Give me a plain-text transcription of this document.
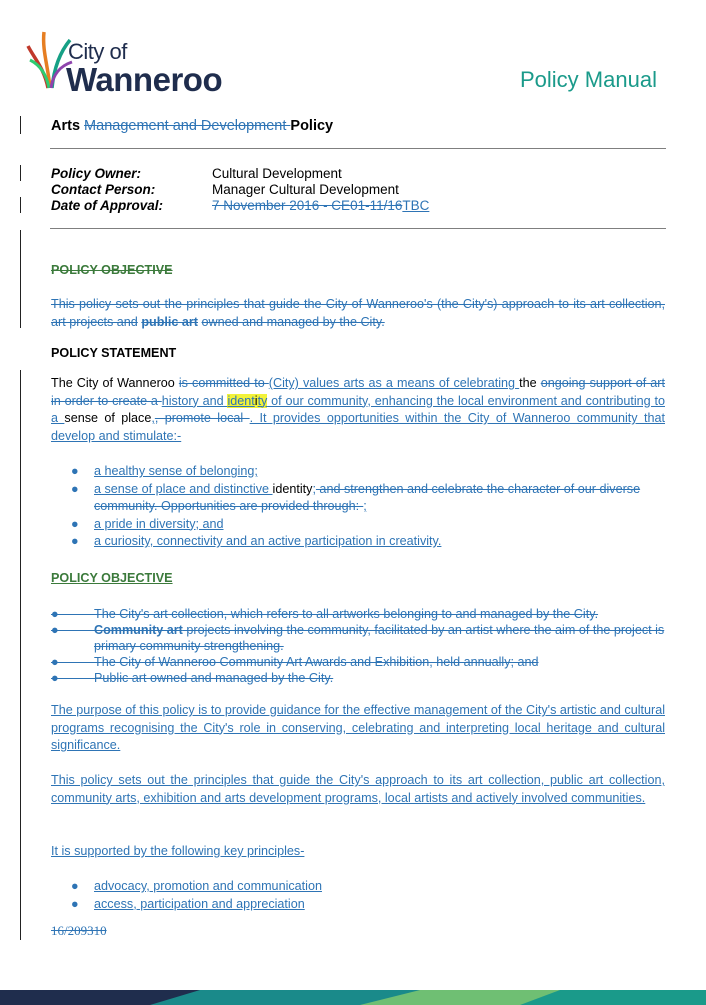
City of
Wanneroo	Policy Manual
Arts Management and Development Policy
Policy Owner:	Cultural Development
Contact Person:	Manager Cultural Development
Date of Approval:	7 November 2016 - CE01-11/16TBC
POLICY OBJECTIVE
This policy sets out the principles that guide the City of Wanneroo's (the City's) approach to its art collection, art projects and public art owned and managed by the City.
POLICY STATEMENT
The City of Wanneroo is committed to (City) values arts as a means of celebrating the ongoing support of art in order to create a history and identity of our community, enhancing the local environment and contributing to a sense of place,, promote local . It provides opportunities within the City of Wanneroo community that develop and stimulate:-
● a healthy sense of belonging;
● a sense of place and distinctive identity; and strengthen and celebrate the character of our diverse community. Opportunities are provided through:-;
● a pride in diversity; and
● a curiosity, connectivity and an active participation in creativity.
POLICY OBJECTIVE
●————
The City's art collection, which refers to all artworks belonging to and managed by the City.
●————
Community art projects involving the community, facilitated by an artist where the aim of the project is primary community strengthening.
●————
The City of Wanneroo Community Art Awards and Exhibition, held annually; and
●————
Public art owned and managed by the City.
The purpose of this policy is to provide guidance for the effective management of the City's artistic and cultural programs recognising the City's role in conserving, celebrating and interpreting local heritage and cultural significance.
This policy sets out the principles that guide the City's approach to its art collection, public art collection, community arts, exhibition and arts development programs, local artists and actively involved communities.
It is supported by the following key principles-
● advocacy, promotion and communication
● access, participation and appreciation
16/209310
